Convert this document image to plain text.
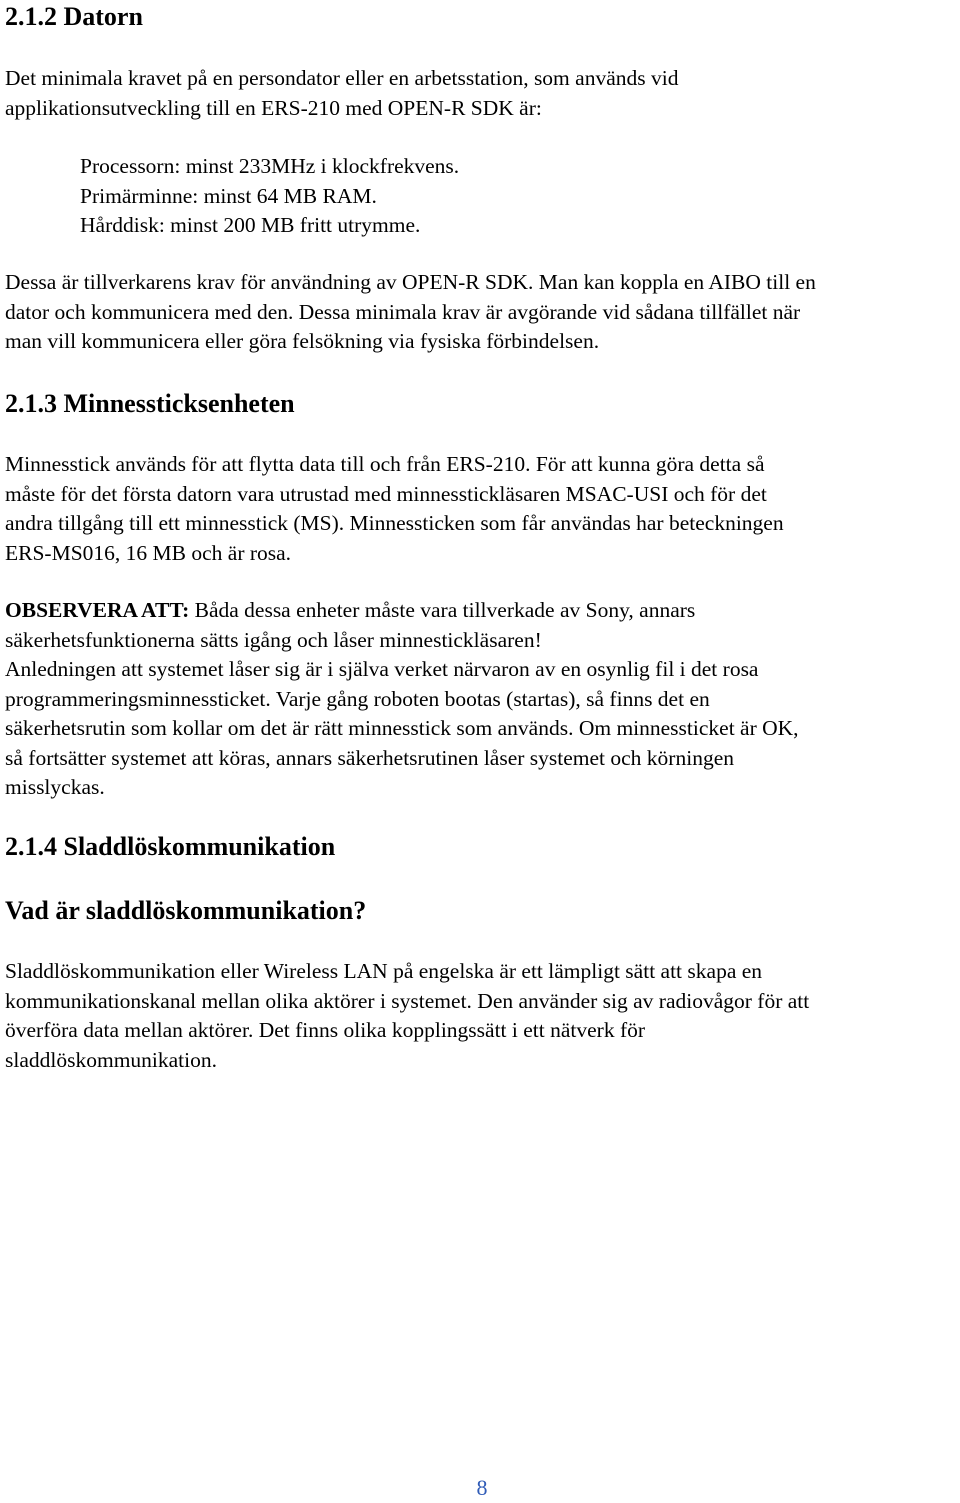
2.1.2 Datorn

Det minimala kravet på en persondator eller en arbetsstation, som används vid
applikationsutveckling till en ERS-210 med OPEN-R SDK är:

Processorn: minst 233MHz i klockfrekvens.
Primärminne: minst 64 MB RAM.
Hårddisk: minst 200 MB fritt utrymme.

Dessa är tillverkarens krav för användning av OPEN-R SDK. Man kan koppla en AIBO till en
dator och kommunicera med den. Dessa minimala krav är avgörande vid sådana tillfället när
man vill kommunicera eller göra felsökning via fysiska förbindelsen.

2.1.3 Minnessticksenheten

Minnesstick används för att flytta data till och från ERS-210. För att kunna göra detta så
måste för det första datorn vara utrustad med minnesstickläsaren MSAC-USI och för det
andra tillgång till ett minnesstick (MS). Minnessticken som får användas har beteckningen
ERS-MS016, 16 MB och är rosa.

OBSERVERA ATT: Båda dessa enheter måste vara tillverkade av Sony, annars
säkerhetsfunktionerna sätts igång och låser minnestickläsaren!
Anledningen att systemet låser sig är i själva verket närvaron av en osynlig fil i det rosa
programmeringsminnessticket. Varje gång roboten bootas (startas), så finns det en
säkerhetsrutin som kollar om det är rätt minnesstick som används. Om minnessticket är OK,
så fortsätter systemet att köras, annars säkerhetsrutinen låser systemet och körningen
misslyckas.

2.1.4 Sladdlöskommunikation
Vad är sladdlöskommunikation?

Sladdlöskommunikation eller Wireless LAN på engelska är ett lämpligt sätt att skapa en
kommunikationskanal mellan olika aktörer i systemet. Den använder sig av radiovågor för att
överföra data mellan aktörer. Det finns olika kopplingssätt i ett nätverk för
sladdlöskommunikation.

8
